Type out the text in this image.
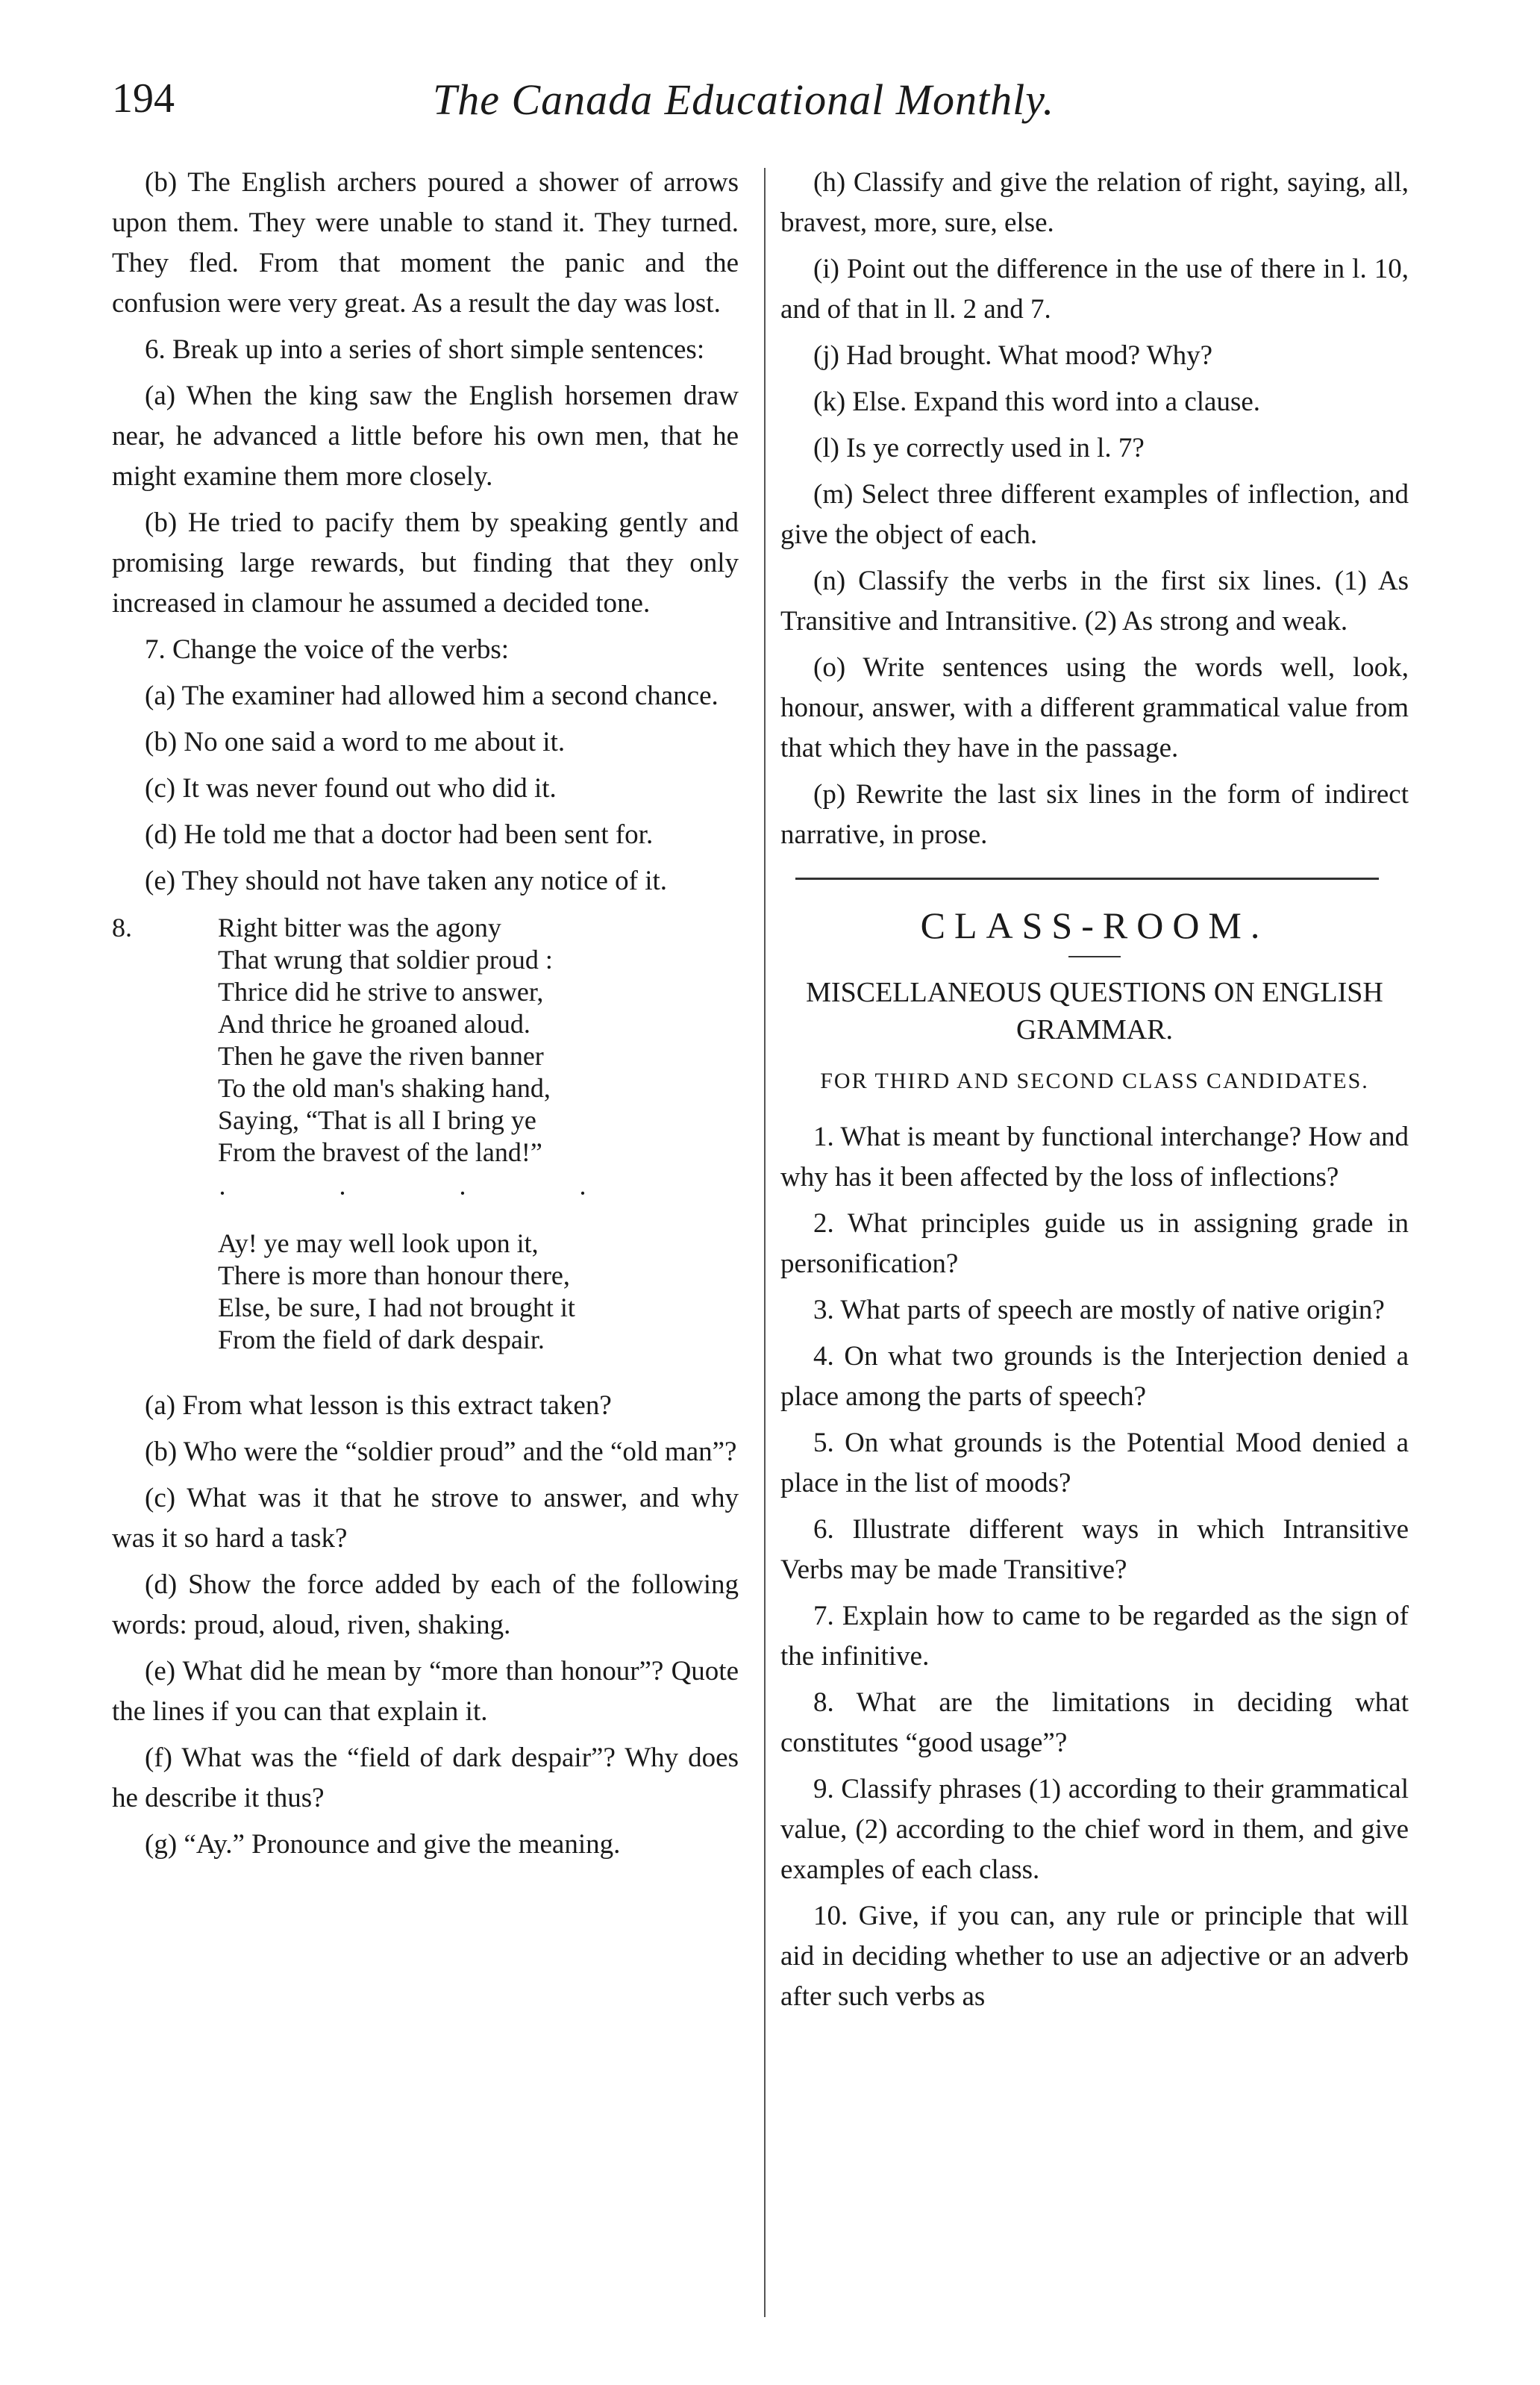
194	The Canada Educational Monthly.

(b) The English archers poured a shower of arrows upon them. They were unable to stand it. They turned. They fled. From that moment the panic and the confusion were very great. As a result the day was lost.

6. Break up into a series of short simple sentences:

(a) When the king saw the English horsemen draw near, he advanced a little before his own men, that he might examine them more closely.

(b) He tried to pacify them by speaking gently and promising large rewards, but finding that they only increased in clamour he assumed a decided tone.

7. Change the voice of the verbs:

(a) The examiner had allowed him a second chance.

(b) No one said a word to me about it.

(c) It was never found out who did it.

(d) He told me that a doctor had been sent for.

(e) They should not have taken any notice of it.

8.	Right bitter was the agony
That wrung that soldier proud :
Thrice did he strive to answer,
And thrice he groaned aloud.
Then he gave the riven banner
To the old man's shaking hand,
Saying, “That is all I bring ye
From the bravest of the land!”
· · · ·
Ay! ye may well look upon it,
There is more than honour there,
Else, be sure, I had not brought it
From the field of dark despair.

(a) From what lesson is this extract taken?

(b) Who were the “soldier proud” and the “old man”?

(c) What was it that he strove to answer, and why was it so hard a task?

(d) Show the force added by each of the following words: proud, aloud, riven, shaking.

(e) What did he mean by “more than honour”? Quote the lines if you can that explain it.

(f) What was the “field of dark despair”? Why does he describe it thus?

(g) “Ay.” Pronounce and give the meaning.

(h) Classify and give the relation of right, saying, all, bravest, more, sure, else.

(i) Point out the difference in the use of there in l. 10, and of that in ll. 2 and 7.

(j) Had brought. What mood? Why?

(k) Else. Expand this word into a clause.

(l) Is ye correctly used in l. 7?

(m) Select three different examples of inflection, and give the object of each.

(n) Classify the verbs in the first six lines. (1) As Transitive and Intransitive. (2) As strong and weak.

(o) Write sentences using the words well, look, honour, answer, with a different grammatical value from that which they have in the passage.

(p) Rewrite the last six lines in the form of indirect narrative, in prose.

CLASS-ROOM.
MISCELLANEOUS QUESTIONS ON ENGLISH GRAMMAR.
FOR THIRD AND SECOND CLASS CANDIDATES.

1. What is meant by functional interchange? How and why has it been affected by the loss of inflections?

2. What principles guide us in assigning grade in personification?

3. What parts of speech are mostly of native origin?

4. On what two grounds is the Interjection denied a place among the parts of speech?

5. On what grounds is the Potential Mood denied a place in the list of moods?

6. Illustrate different ways in which Intransitive Verbs may be made Transitive?

7. Explain how to came to be regarded as the sign of the infinitive.

8. What are the limitations in deciding what constitutes “good usage”?

9. Classify phrases (1) according to their grammatical value, (2) according to the chief word in them, and give examples of each class.

10. Give, if you can, any rule or principle that will aid in deciding whether to use an adjective or an adverb after such verbs as
